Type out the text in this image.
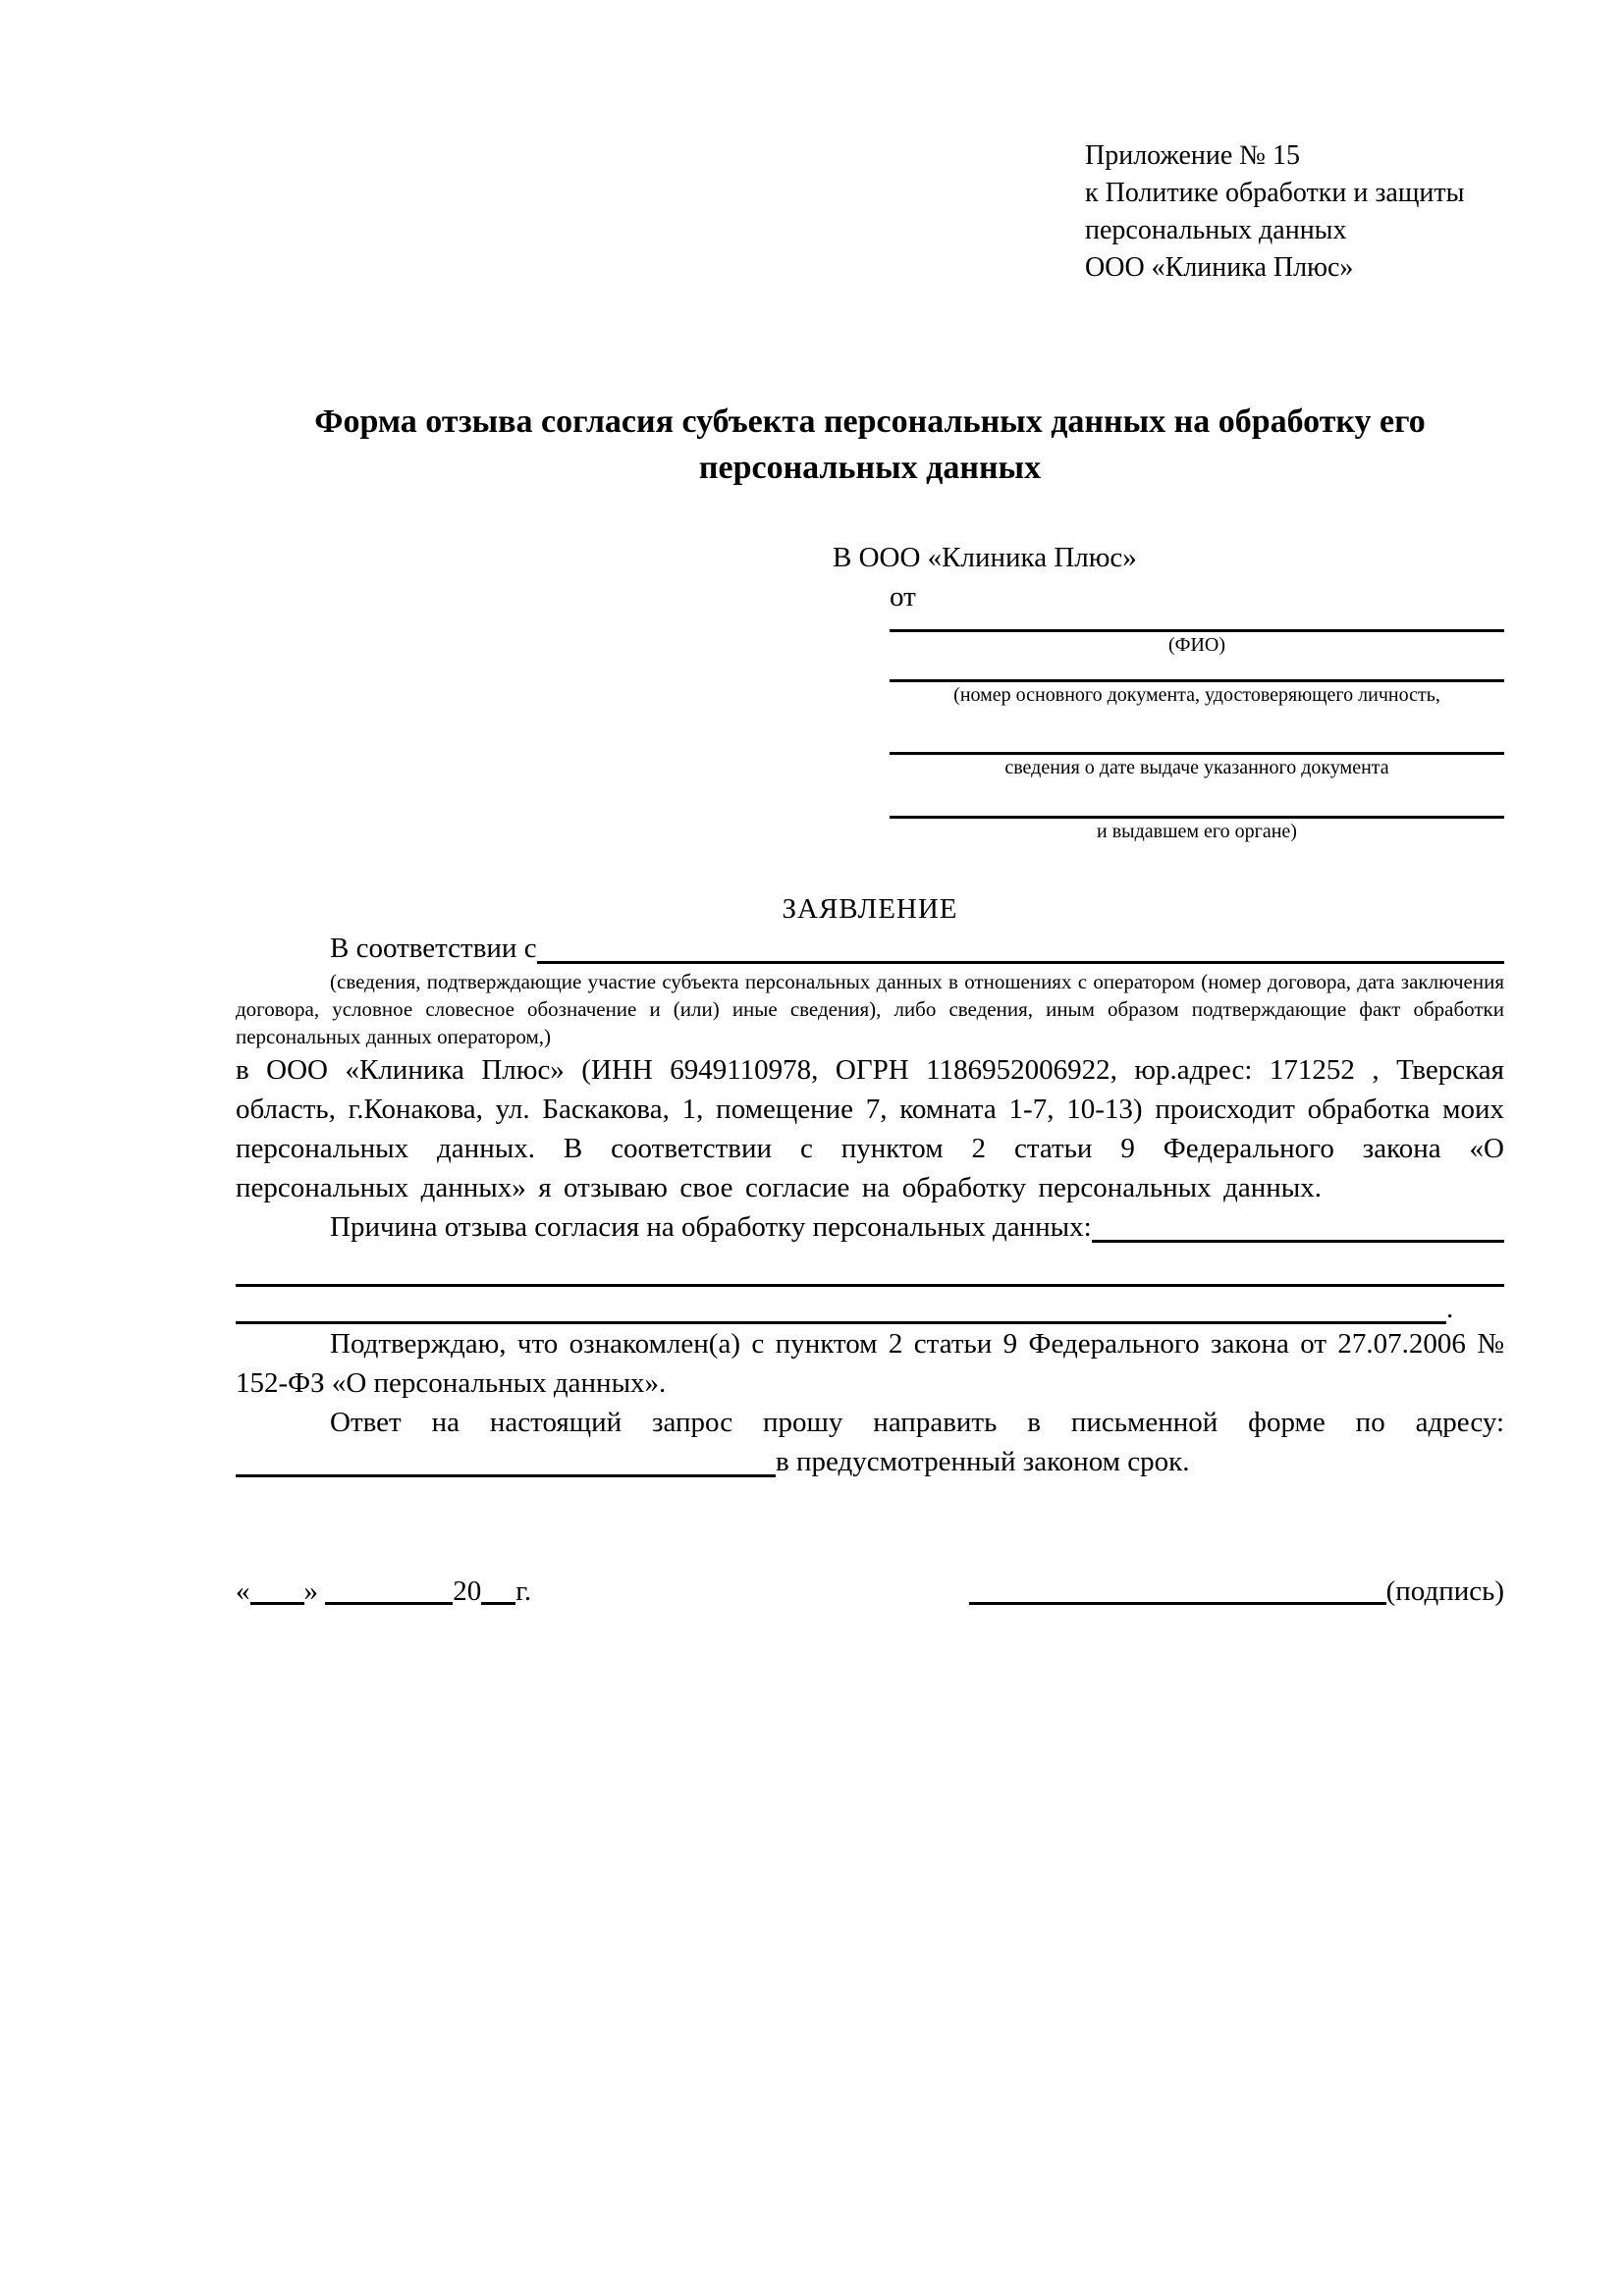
Приложение № 15
к Политике обработки и защиты
персональных данных
ООО «Клиника Плюс»
Форма отзыва согласия субъекта персональных данных на обработку его персональных данных
В ООО «Клиника Плюс»
от
(ФИО)
(номер основного документа, удостоверяющего личность,
сведения о дате выдаче указанного документа
и выдавшем его органе)
ЗАЯВЛЕНИЕ
В соответствии с

(сведения, подтверждающие участие субъекта персональных данных в отношениях с оператором (номер договора, дата заключения договора, условное словесное обозначение и (или) иные сведения), либо сведения, иным образом подтверждающие факт обработки персональных данных оператором,)

в ООО «Клиника Плюс» (ИНН 6949110978, ОГРН 1186952006922, юр.адрес: 171252 , Тверская область, г.Конакова, ул. Баскакова, 1, помещение 7, комната 1-7, 10-13) происходит обработка моих персональных данных. В соответствии с пунктом 2 статьи 9 Федерального закона «О персональных данных» я отзываю свое согласие на обработку персональных данных.

Причина отзыва согласия на обработку персональных данных:
.

Подтверждаю, что ознакомлен(а) с пунктом 2 статьи 9 Федерального закона от 27.07.2006 № 152-ФЗ «О персональных данных».

Ответ на настоящий запрос прошу направить в письменной форме по адресу:

в предусмотренный законом срок.
« »	20 г.	(подпись)
